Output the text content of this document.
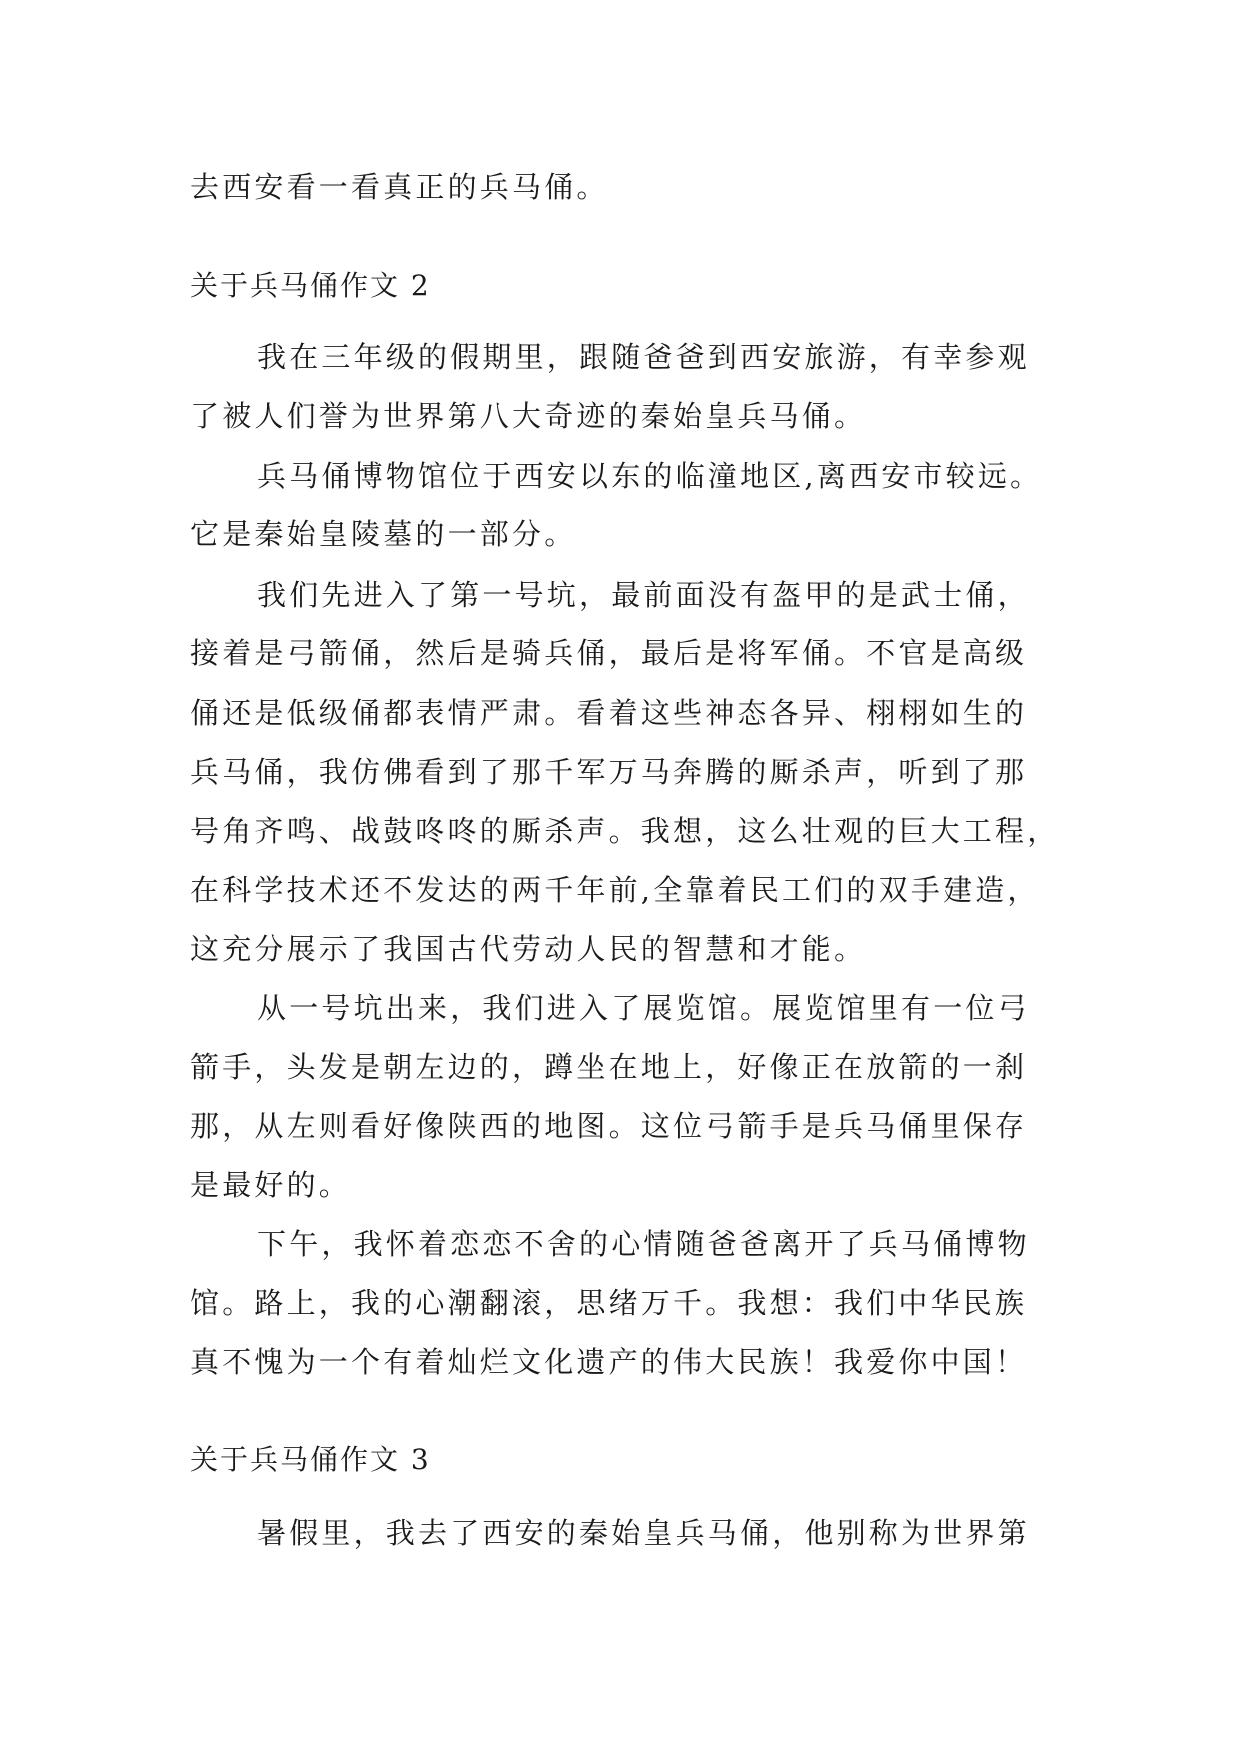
去西安看一看真正的兵马俑。
关于兵马俑作文 2
我在三年级的假期里，跟随爸爸到西安旅游，有幸参观
了被人们誉为世界第八大奇迹的秦始皇兵马俑。
兵马俑博物馆位于西安以东的临潼地区,离西安市较远。
它是秦始皇陵墓的一部分。
我们先进入了第一号坑，最前面没有盔甲的是武士俑，
接着是弓箭俑，然后是骑兵俑，最后是将军俑。不官是高级
俑还是低级俑都表情严肃。看着这些神态各异、栩栩如生的
兵马俑，我仿佛看到了那千军万马奔腾的厮杀声，听到了那
号角齐鸣、战鼓咚咚的厮杀声。我想，这么壮观的巨大工程，
在科学技术还不发达的两千年前,全靠着民工们的双手建造，
这充分展示了我国古代劳动人民的智慧和才能。
从一号坑出来，我们进入了展览馆。展览馆里有一位弓
箭手，头发是朝左边的，蹲坐在地上，好像正在放箭的一刹
那，从左则看好像陕西的地图。这位弓箭手是兵马俑里保存
是最好的。
下午，我怀着恋恋不舍的心情随爸爸离开了兵马俑博物
馆。路上，我的心潮翻滚，思绪万千。我想：我们中华民族
真不愧为一个有着灿烂文化遗产的伟大民族！我爱你中国！
关于兵马俑作文 3
暑假里，我去了西安的秦始皇兵马俑，他别称为世界第
